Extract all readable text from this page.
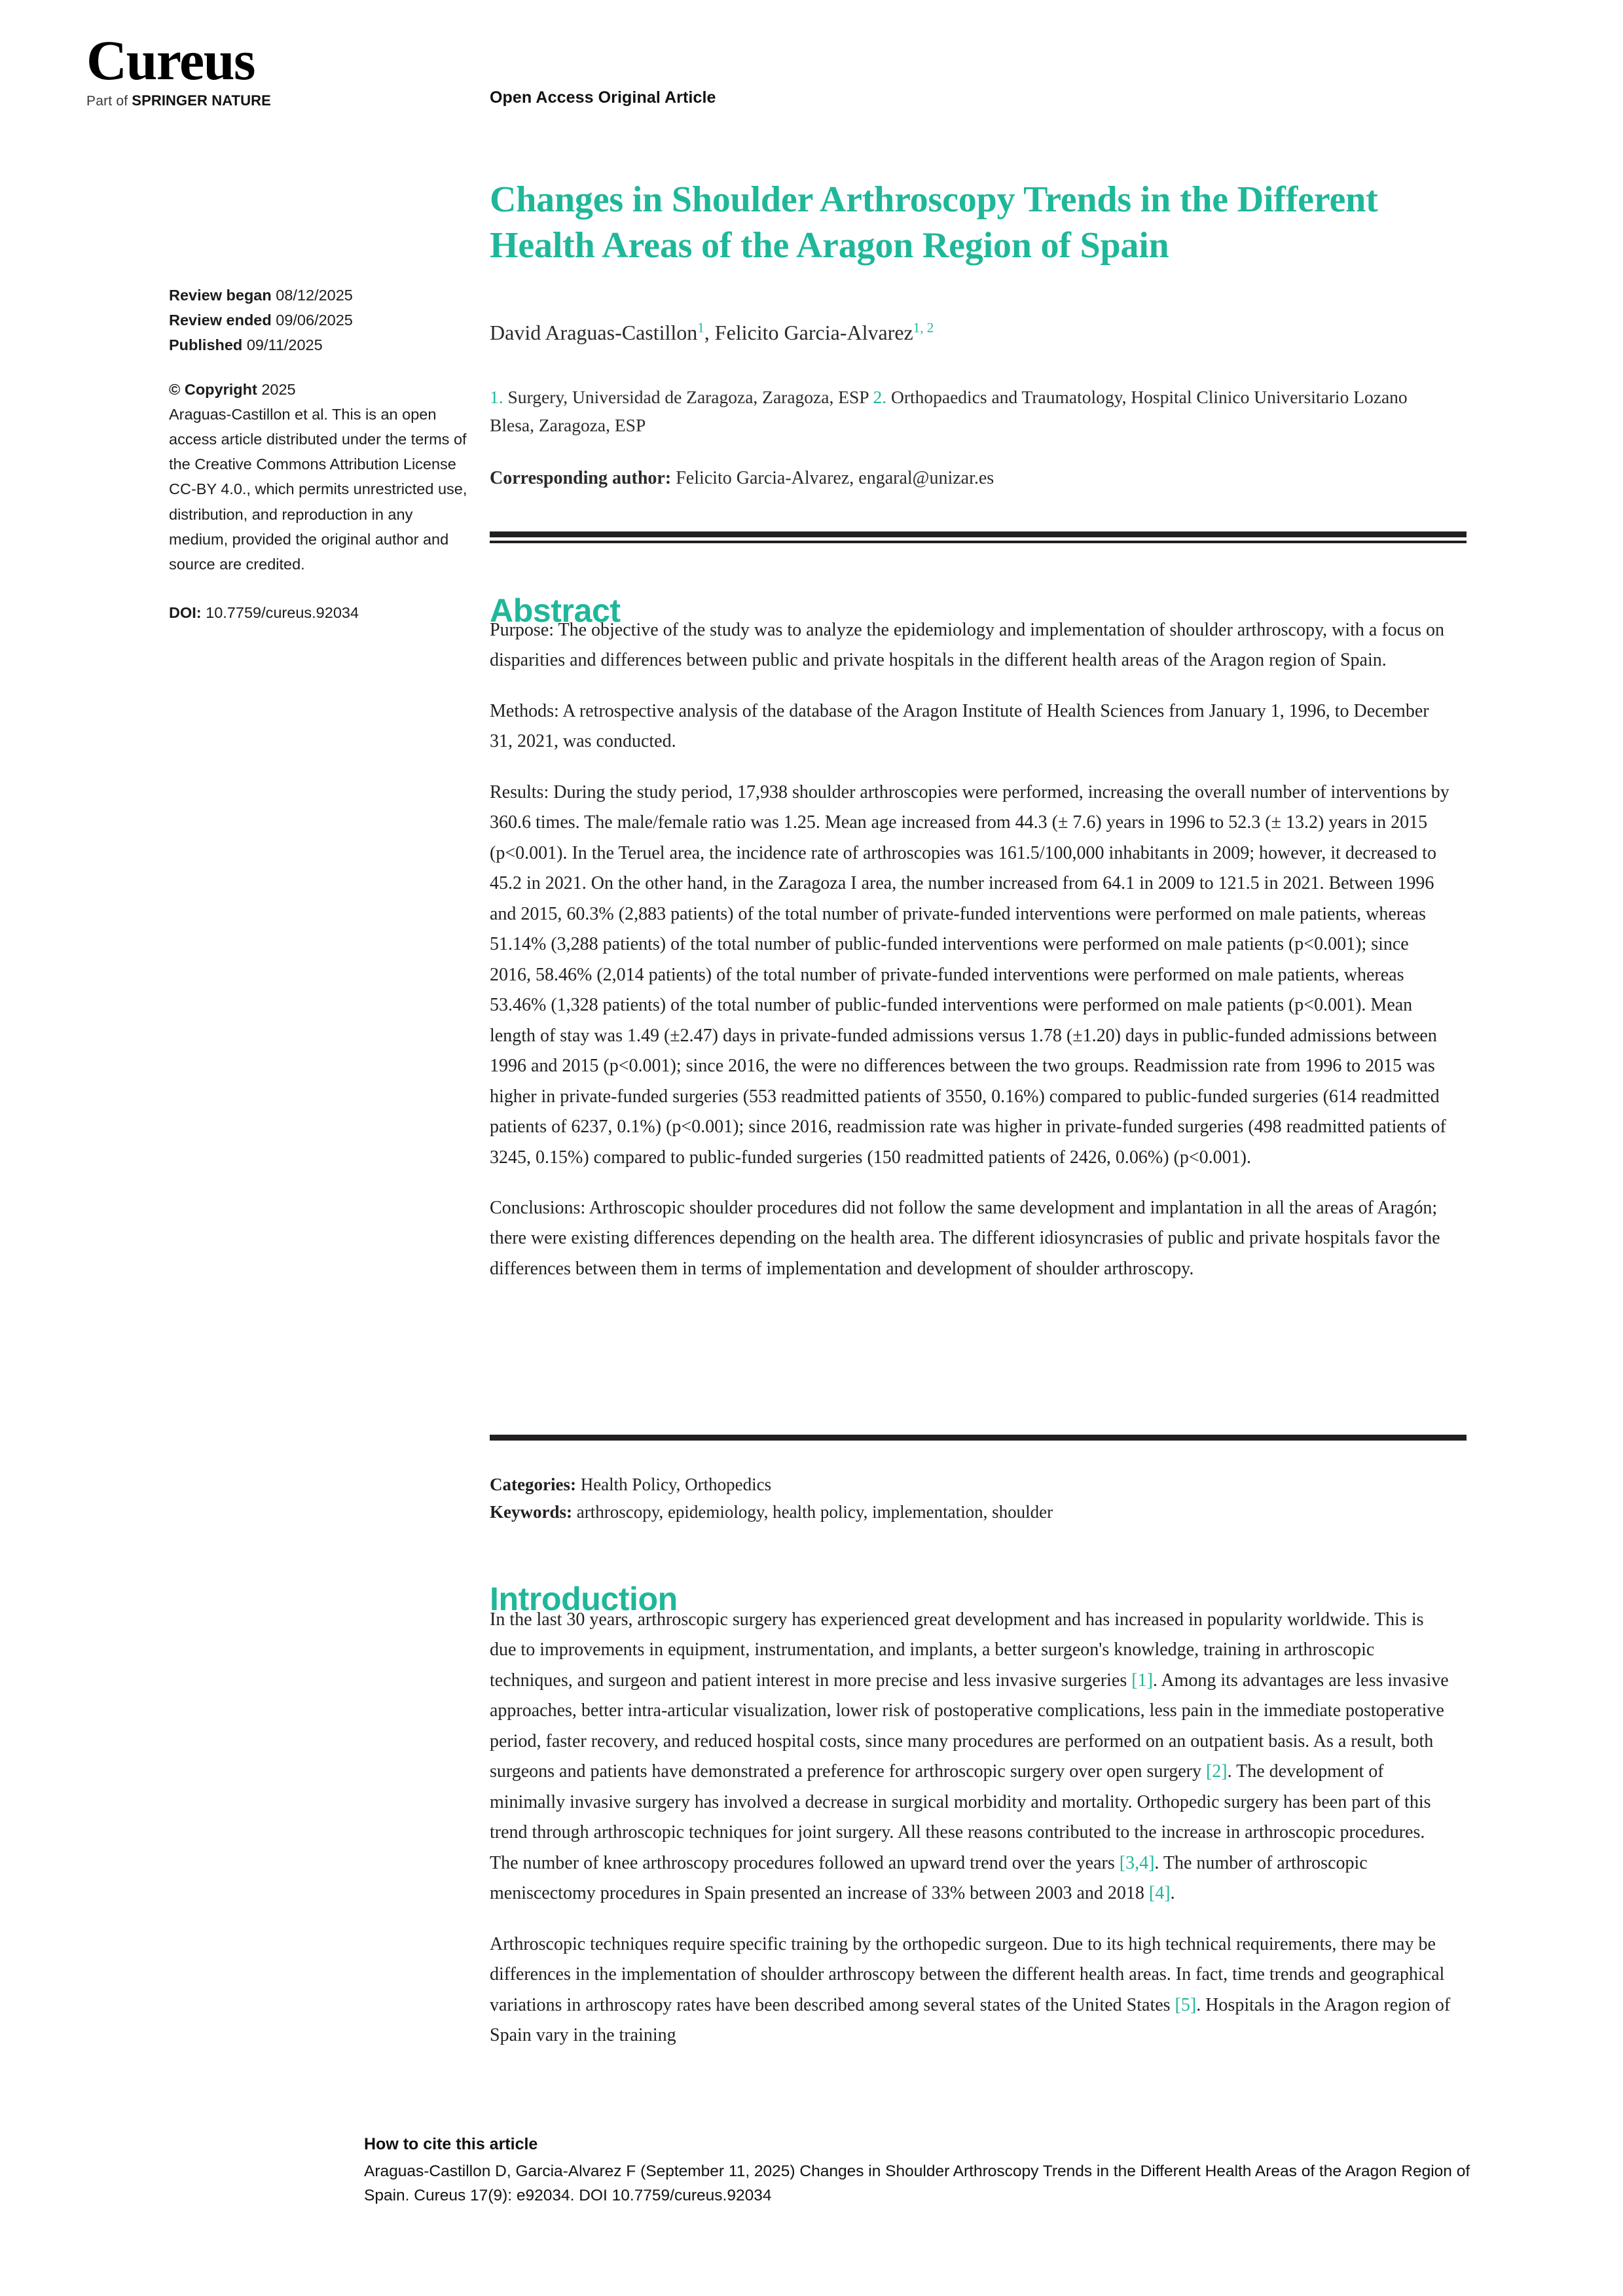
Cureus
Part of SPRINGER NATURE
Review began 08/12/2025
Review ended 09/06/2025
Published 09/11/2025
© Copyright 2025
Araguas-Castillon et al. This is an open access article distributed under the terms of the Creative Commons Attribution License CC-BY 4.0., which permits unrestricted use, distribution, and reproduction in any medium, provided the original author and source are credited.
DOI: 10.7759/cureus.92034
Open Access Original Article
Changes in Shoulder Arthroscopy Trends in the Different Health Areas of the Aragon Region of Spain
David Araguas-Castillon$^1$, Felicito Garcia-Alvarez$^{1, 2}$
1. Surgery, Universidad de Zaragoza, Zaragoza, ESP 2. Orthopaedics and Traumatology, Hospital Clinico Universitario Lozano Blesa, Zaragoza, ESP
Corresponding author: Felicito Garcia-Alvarez, engaral@unizar.es
Abstract

Purpose: The objective of the study was to analyze the epidemiology and implementation of shoulder arthroscopy, with a focus on disparities and differences between public and private hospitals in the different health areas of the Aragon region of Spain.

Methods: A retrospective analysis of the database of the Aragon Institute of Health Sciences from January 1, 1996, to December 31, 2021, was conducted.

Results: During the study period, 17,938 shoulder arthroscopies were performed, increasing the overall number of interventions by 360.6 times. The male/female ratio was 1.25. Mean age increased from 44.3 (± 7.6) years in 1996 to 52.3 (± 13.2) years in 2015 (p<0.001). In the Teruel area, the incidence rate of arthroscopies was 161.5/100,000 inhabitants in 2009; however, it decreased to 45.2 in 2021. On the other hand, in the Zaragoza I area, the number increased from 64.1 in 2009 to 121.5 in 2021. Between 1996 and 2015, 60.3% (2,883 patients) of the total number of private-funded interventions were performed on male patients, whereas 51.14% (3,288 patients) of the total number of public-funded interventions were performed on male patients (p<0.001); since 2016, 58.46% (2,014 patients) of the total number of private-funded interventions were performed on male patients, whereas 53.46% (1,328 patients) of the total number of public-funded interventions were performed on male patients (p<0.001). Mean length of stay was 1.49 (±2.47) days in private-funded admissions versus 1.78 (±1.20) days in public-funded admissions between 1996 and 2015 (p<0.001); since 2016, the were no differences between the two groups. Readmission rate from 1996 to 2015 was higher in private-funded surgeries (553 readmitted patients of 3550, 0.16%) compared to public-funded surgeries (614 readmitted patients of 6237, 0.1%) (p<0.001); since 2016, readmission rate was higher in private-funded surgeries (498 readmitted patients of 3245, 0.15%) compared to public-funded surgeries (150 readmitted patients of 2426, 0.06%) (p<0.001).

Conclusions: Arthroscopic shoulder procedures did not follow the same development and implantation in all the areas of Aragón; there were existing differences depending on the health area. The different idiosyncrasies of public and private hospitals favor the differences between them in terms of implementation and development of shoulder arthroscopy.

Categories: Health Policy, Orthopedics
Keywords: arthroscopy, epidemiology, health policy, implementation, shoulder
Introduction

In the last 30 years, arthroscopic surgery has experienced great development and has increased in popularity worldwide. This is due to improvements in equipment, instrumentation, and implants, a better surgeon's knowledge, training in arthroscopic techniques, and surgeon and patient interest in more precise and less invasive surgeries [1]. Among its advantages are less invasive approaches, better intra-articular visualization, lower risk of postoperative complications, less pain in the immediate postoperative period, faster recovery, and reduced hospital costs, since many procedures are performed on an outpatient basis. As a result, both surgeons and patients have demonstrated a preference for arthroscopic surgery over open surgery [2]. The development of minimally invasive surgery has involved a decrease in surgical morbidity and mortality. Orthopedic surgery has been part of this trend through arthroscopic techniques for joint surgery. All these reasons contributed to the increase in arthroscopic procedures. The number of knee arthroscopy procedures followed an upward trend over the years [3,4]. The number of arthroscopic meniscectomy procedures in Spain presented an increase of 33% between 2003 and 2018 [4].

Arthroscopic techniques require specific training by the orthopedic surgeon. Due to its high technical requirements, there may be differences in the implementation of shoulder arthroscopy between the different health areas. In fact, time trends and geographical variations in arthroscopy rates have been described among several states of the United States [5]. Hospitals in the Aragon region of Spain vary in the training

How to cite this article
Araguas-Castillon D, Garcia-Alvarez F (September 11, 2025) Changes in Shoulder Arthroscopy Trends in the Different Health Areas of the Aragon Region of Spain. Cureus 17(9): e92034. DOI 10.7759/cureus.92034
